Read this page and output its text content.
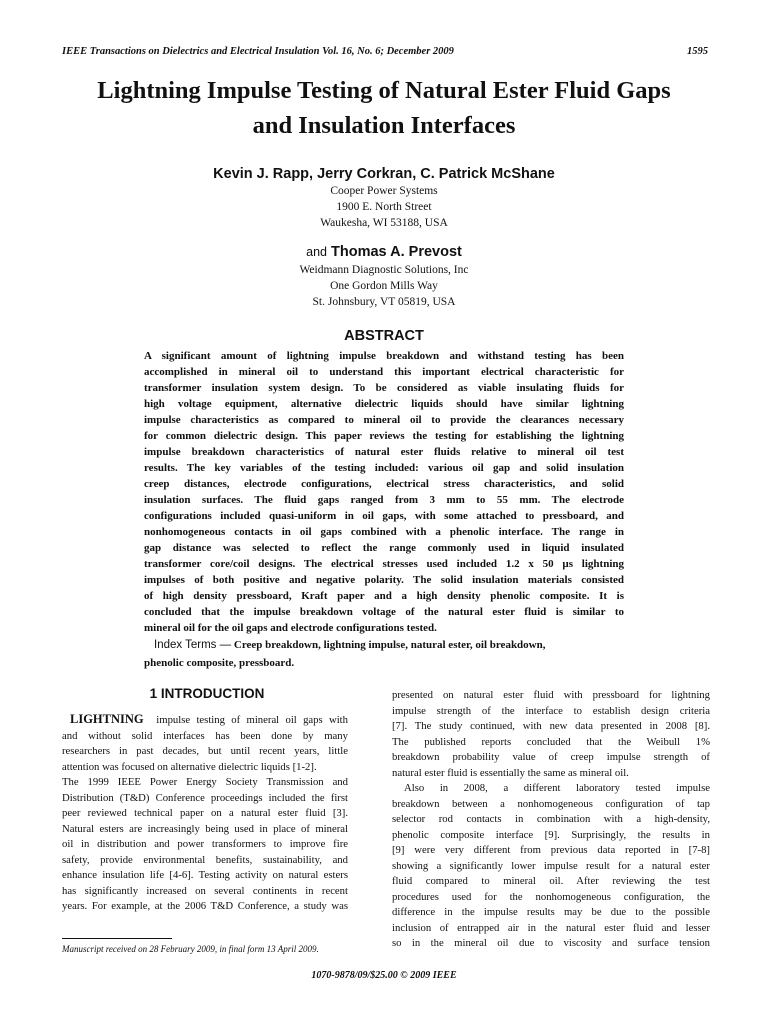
IEEE Transactions on Dielectrics and Electrical Insulation Vol. 16, No. 6; December 2009	1595
Lightning Impulse Testing of Natural Ester Fluid Gaps
and Insulation Interfaces
Kevin J. Rapp, Jerry Corkran, C. Patrick McShane
Cooper Power Systems
1900 E. North Street
Waukesha, WI 53188, USA
and Thomas A. Prevost
Weidmann Diagnostic Solutions, Inc
One Gordon Mills Way
St. Johnsbury, VT 05819, USA
ABSTRACT
A significant amount of lightning impulse breakdown and withstand testing has been
accomplished in mineral oil to understand this important electrical characteristic for
transformer insulation system design. To be considered as viable insulating fluids for
high voltage equipment, alternative dielectric liquids should have similar lightning
impulse characteristics as compared to mineral oil to provide the clearances necessary
for common dielectric design. This paper reviews the testing for establishing the lightning
impulse breakdown characteristics of natural ester fluids relative to mineral oil test
results. The key variables of the testing included: various oil gap and solid insulation
creep distances, electrode configurations, electrical stress characteristics, and solid
insulation surfaces. The fluid gaps ranged from 3 mm to 55 mm. The electrode
configurations included quasi-uniform in oil gaps, with some attached to pressboard, and
nonhomogeneous contacts in oil gaps combined with a phenolic interface. The range in
gap distance was selected to reflect the range commonly used in liquid insulated
transformer core/coil designs. The electrical stresses used included 1.2 x 50 µs lightning
impulses of both positive and negative polarity. The solid insulation materials consisted
of high density pressboard, Kraft paper and a high density phenolic composite. It is
concluded that the impulse breakdown voltage of the natural ester fluid is similar to
mineral oil for the oil gaps and electrode configurations tested.
Index Terms — Creep breakdown, lightning impulse, natural ester, oil breakdown,
phenolic composite, pressboard.
1 INTRODUCTION
LIGHTNING impulse testing of mineral oil gaps with
and without solid interfaces has been done by many
researchers in past decades, but until recent years, little
attention was focused on alternative dielectric liquids [1-2].
The 1999 IEEE Power Energy Society Transmission and
Distribution (T&D) Conference proceedings included the first
peer reviewed technical paper on a natural ester fluid [3].
Natural esters are increasingly being used in place of mineral
oil in distribution and power transformers to improve fire
safety, provide environmental benefits, sustainability, and
enhance insulation life [4-6]. Testing activity on natural esters
has significantly increased on several continents in recent
years. For example, at the 2006 T&D Conference, a study was
presented on natural ester fluid with pressboard for lightning
impulse strength of the interface to establish design criteria
[7]. The study continued, with new data presented in 2008 [8].
The published reports concluded that the Weibull 1%
breakdown probability value of creep impulse strength of
natural ester fluid is essentially the same as mineral oil.
Also in 2008, a different laboratory tested impulse
breakdown between a nonhomogeneous configuration of tap
selector rod contacts in combination with a high-density,
phenolic composite interface [9]. Surprisingly, the results in
[9] were very different from previous data reported in [7-8]
showing a significantly lower impulse result for a natural ester
fluid compared to mineral oil. After reviewing the test
procedures used for the nonhomogeneous configuration, the
difference in the impulse results may be due to the possible
inclusion of entrapped air in the natural ester fluid and lesser
so in the mineral oil due to viscosity and surface tension
Manuscript received on 28 February 2009, in final form 13 April 2009.
1070-9878/09/$25.00 © 2009 IEEE
